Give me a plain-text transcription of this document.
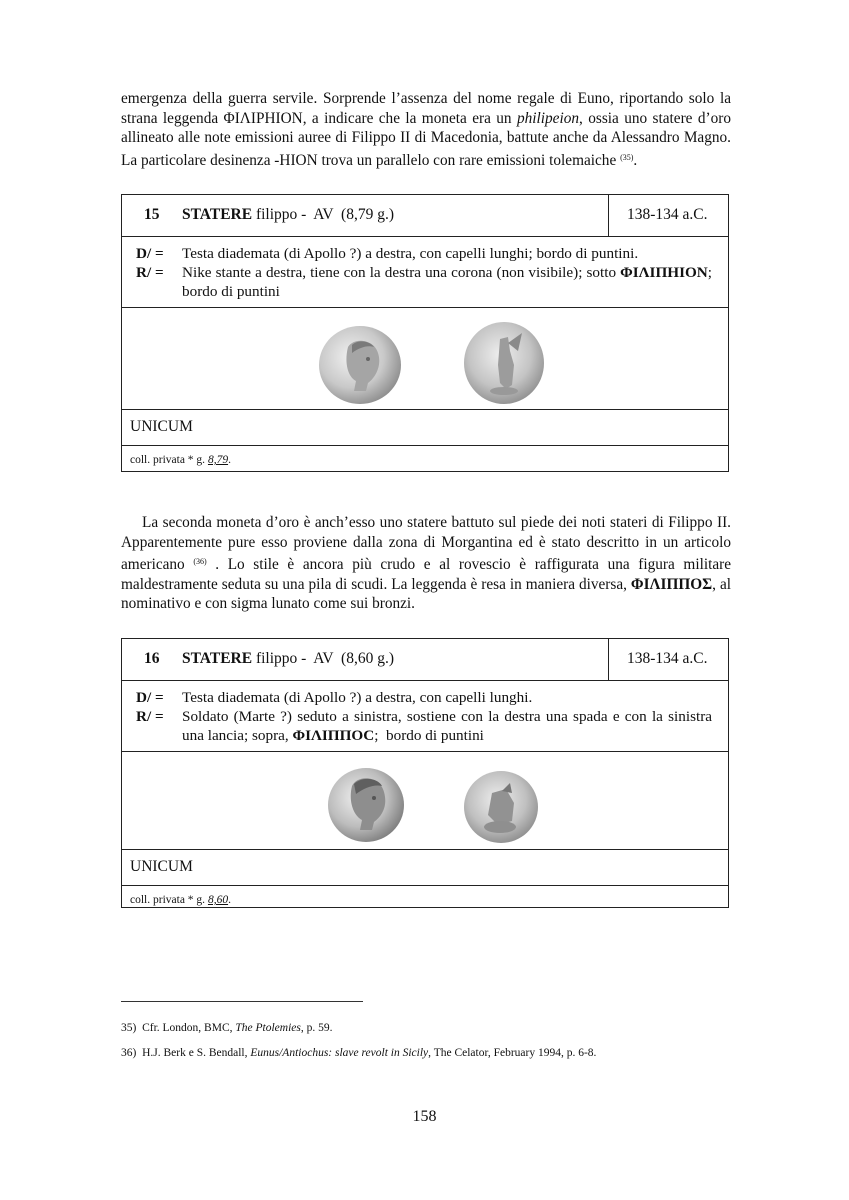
emergenza della guerra servile. Sorprende l’assenza del nome regale di Euno, riportando solo la strana leggenda ΦΙΛΙΡΗΙΟΝ, a indicare che la moneta era un philipeion, ossia uno statere d’oro allineato alle note emissioni auree di Filippo II di Macedonia, battute anche da Alessandro Magno. La particolare desinenza -HION trova un parallelo con rare emissioni tolemaiche $^{(35)}$.

15 STATERE filippo -  AV  (8,79 g.)	138-134 a.C.
D/ =	Testa diademata (di Apollo ?) a destra, con capelli lunghi; bordo di puntini.
R/ =	Nike stante a destra, tiene con la destra una corona (non visibile); sotto ΦΙΛΙΠΗΙΟΝ;  bordo di puntini
UNICUM
coll. privata * g. 8,79.

La seconda moneta d’oro è anch’esso uno statere battuto sul piede dei noti stateri di Filippo II. Apparentemente pure esso proviene dalla zona di Morgantina ed è stato descritto in un articolo americano $^{(36)}$ . Lo stile è ancora più crudo e al rovescio è raffigurata una figura militare maldestramente seduta su una pila di scudi. La leggenda è resa in maniera diversa, ΦΙΛΙΠΠΟΣ, al nominativo e con sigma lunato come sui bronzi.

16 STATERE filippo -  AV  (8,60 g.)	138-134 a.C.
D/ =	Testa diademata (di Apollo ?) a destra, con capelli lunghi.
R/ =	Soldato (Marte ?) seduto a sinistra, sostiene con la destra una spada e con la sinistra una lancia; sopra, ΦΙΛΙΠΠΟC;  bordo di puntini
UNICUM
coll. privata * g. 8,60.
35)  Cfr. London, BMC, The Ptolemies, p. 59.
36)  H.J. Berk e S. Bendall, Eunus/Antiochus: slave revolt in Sicily, The Celator, February 1994, p. 6-8.
158
